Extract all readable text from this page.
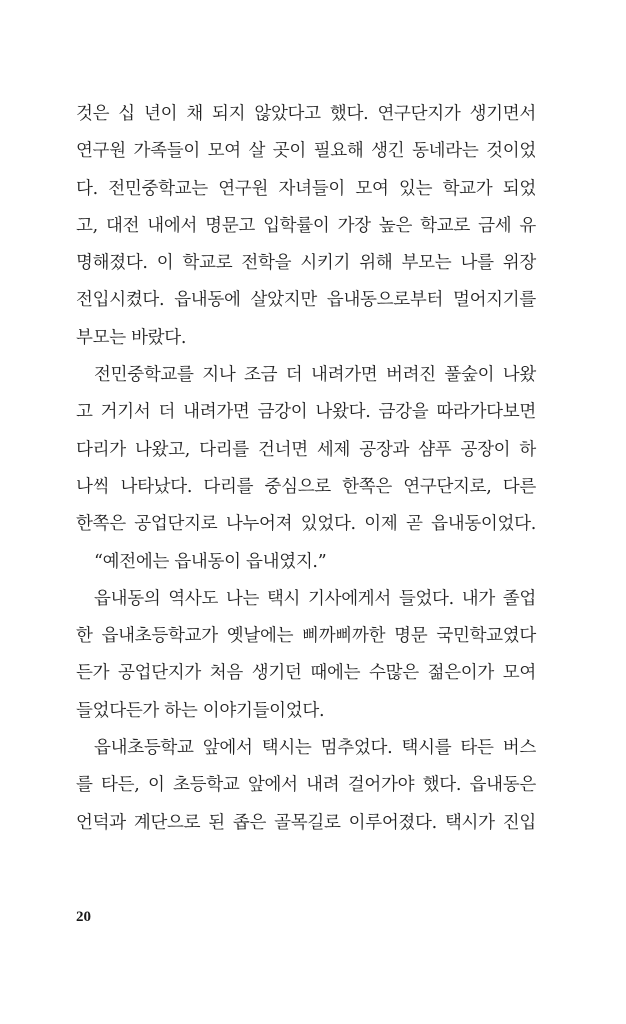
것은 십 년이 채 되지 않았다고 했다. 연구단지가 생기면서
연구원 가족들이 모여 살 곳이 필요해 생긴 동네라는 것이었
다. 전민중학교는 연구원 자녀들이 모여 있는 학교가 되었
고, 대전 내에서 명문고 입학률이 가장 높은 학교로 금세 유
명해졌다. 이 학교로 전학을 시키기 위해 부모는 나를 위장
전입시켰다. 읍내동에 살았지만 읍내동으로부터 멀어지기를
부모는 바랐다.
전민중학교를 지나 조금 더 내려가면 버려진 풀숲이 나왔
고 거기서 더 내려가면 금강이 나왔다. 금강을 따라가다보면
다리가 나왔고, 다리를 건너면 세제 공장과 샴푸 공장이 하
나씩 나타났다. 다리를 중심으로 한쪽은 연구단지로, 다른
한쪽은 공업단지로 나누어져 있었다. 이제 곧 읍내동이었다.
“예전에는 읍내동이 읍내였지.”
읍내동의 역사도 나는 택시 기사에게서 들었다. 내가 졸업
한 읍내초등학교가 옛날에는 삐까삐까한 명문 국민학교였다
든가 공업단지가 처음 생기던 때에는 수많은 젊은이가 모여
들었다든가 하는 이야기들이었다.
읍내초등학교 앞에서 택시는 멈추었다. 택시를 타든 버스
를 타든, 이 초등학교 앞에서 내려 걸어가야 했다. 읍내동은
언덕과 계단으로 된 좁은 골목길로 이루어졌다. 택시가 진입
20
